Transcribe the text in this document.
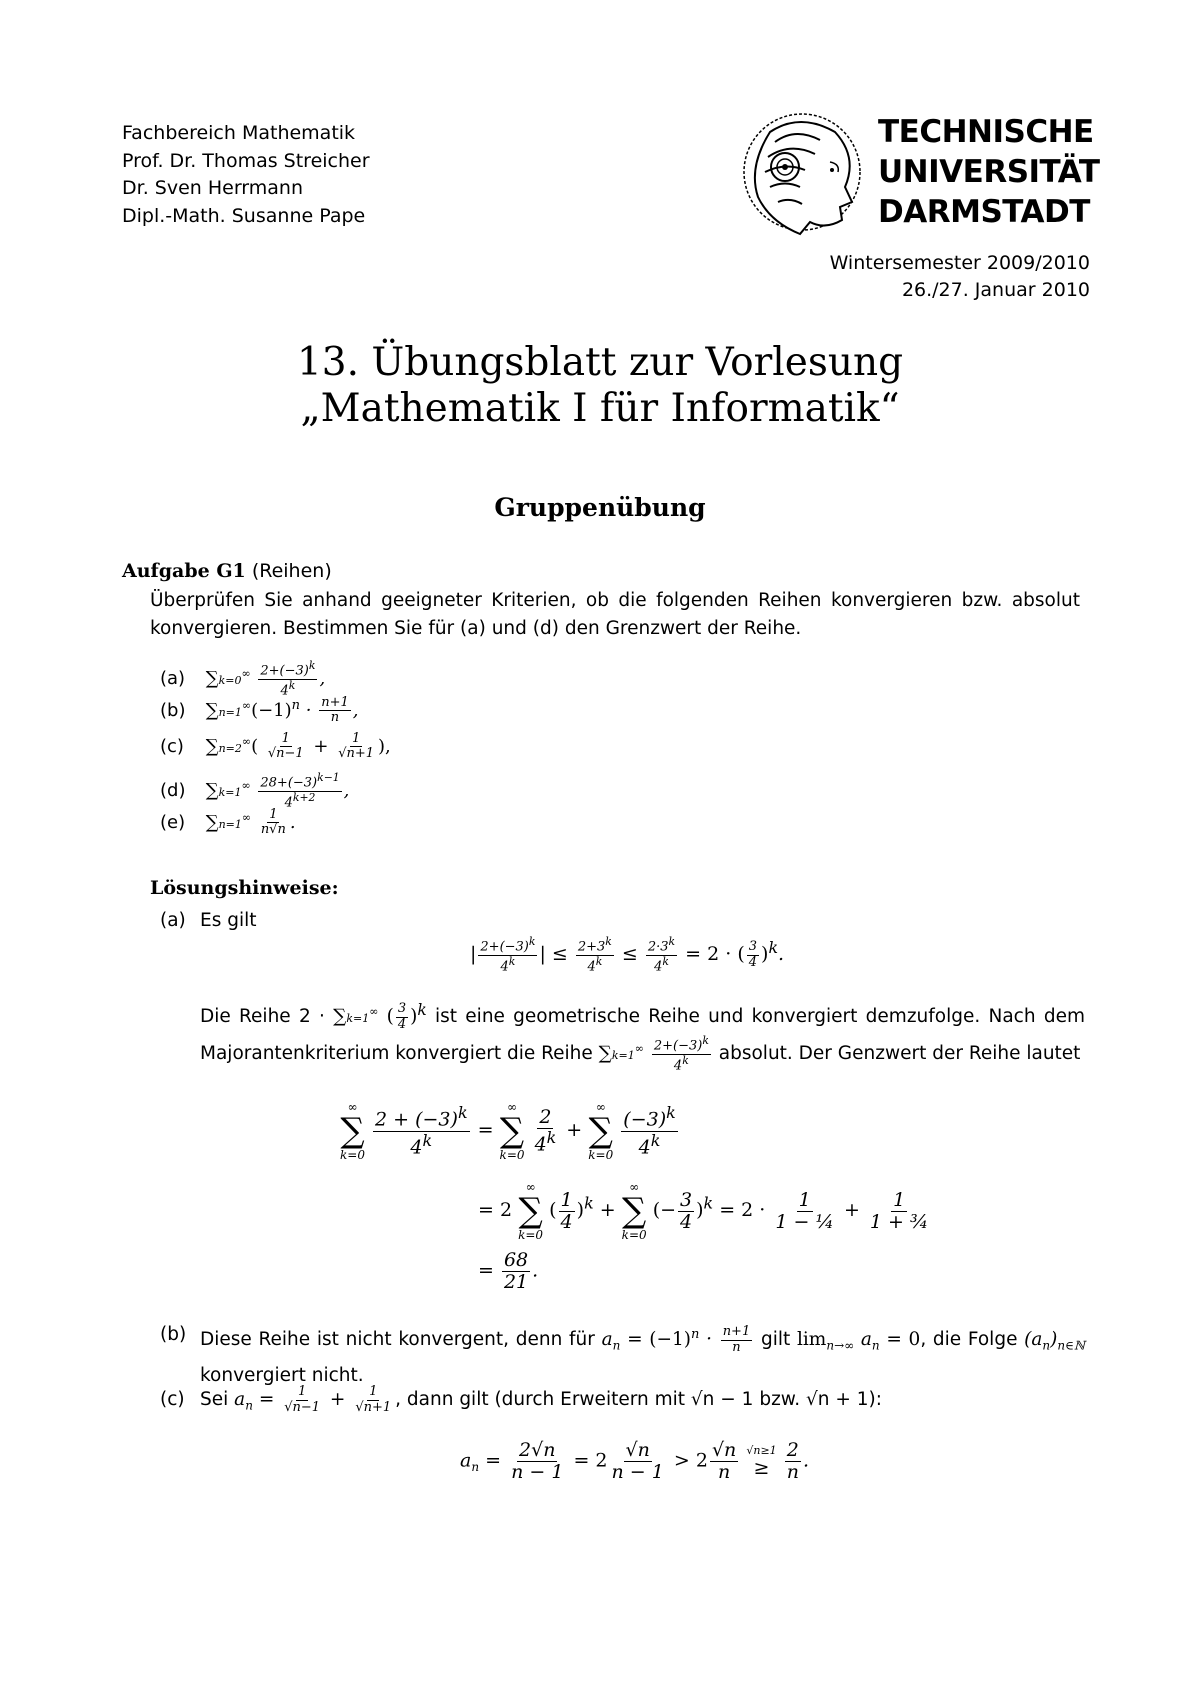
Fachbereich Mathematik
Prof. Dr. Thomas Streicher
Dr. Sven Herrmann
Dipl.-Math. Susanne Pape
TECHNISCHE
UNIVERSITÄT
DARMSTADT
Wintersemester 2009/2010
26./27. Januar 2010
13. Übungsblatt zur Vorlesung
„Mathematik I für Informatik“
Gruppenübung
Aufgabe G1 (Reihen)
Überprüfen Sie anhand geeigneter Kriterien, ob die folgenden Reihen konvergieren bzw. absolut konvergieren. Bestimmen Sie für (a) und (d) den Grenzwert der Reihe.
(a) $\sum k=0^\infty \frac{2+(-3)^k}{4^k}$ ,
(b) $\sum n=1^\infty(-1)^n \cdot \frac{n+1}{n}$ ,
(c) $\sum n=2^\infty( \frac{1}{√n-1} + \frac{1}{√n+1}$ ),
(d) $\sum k=1^\infty \frac{28+(-3)^{k-1}}{4^{k+2}}$ ,
(e) $\sum n=1^\infty \frac{1}{n√n}$ .
Lösungshinweise:
(a) Es gilt
| $\frac{2+(-3)^k}{4^k}$ | ≤ $\frac{2+3^k}{4^k} \le \frac{2\cdot 3^k}{4^k} = 2$ · ( $\frac{3}{4} )^k$.
Die Reihe 2 · ∑k=1∞ ( $\frac{3}{4} )^k$ ist eine geometrische Reihe und konvergiert demzufolge. Nach dem Majorantenkriterium konvergiert die Reihe $\sum k=1^\infty \frac{2+(-3)^k}{4^k}$ absolut. Der Genzwert der Reihe lautet
∞
∑
k=0
$\frac{2 + (-3)^k}{4^k}$ =
∞
∑
k=0
$\frac{2}{4^k}$ +
∞
∑
k=0
$\frac{(-3)^k}{4^k}$
= 2
∞
∑
k=0
( $\frac{1}{4} )^k$ +
∞
∑
k=0
(− $\frac{3}{4} )^k = 2 \cdot \frac{1}{\text{1 − ¼}} + \frac{1}{\text{1 + ¾}}$
= $\frac{68}{21}$ .
(b) Diese Reihe ist nicht konvergent, denn für $a_n = (-1)^n \cdot \frac{n+1}{n}$ gilt $\lim_{n\to\infty} a_n = 0$, die Folge $(a_n)_{n\in ℕ}$ konvergiert nicht.
(c) Sei $a_n = \frac{1}{√n-1} + \frac{1}{√n+1}$ , dann gilt (durch Erweitern mit √n − 1 bzw. √n + 1):
$a_n = \frac{2√n}{n - 1} = 2 \frac{√n}{n - 1} > 2 \frac{√n}{n}$
√n≥1
≥
$\frac{2}{n}$ .
